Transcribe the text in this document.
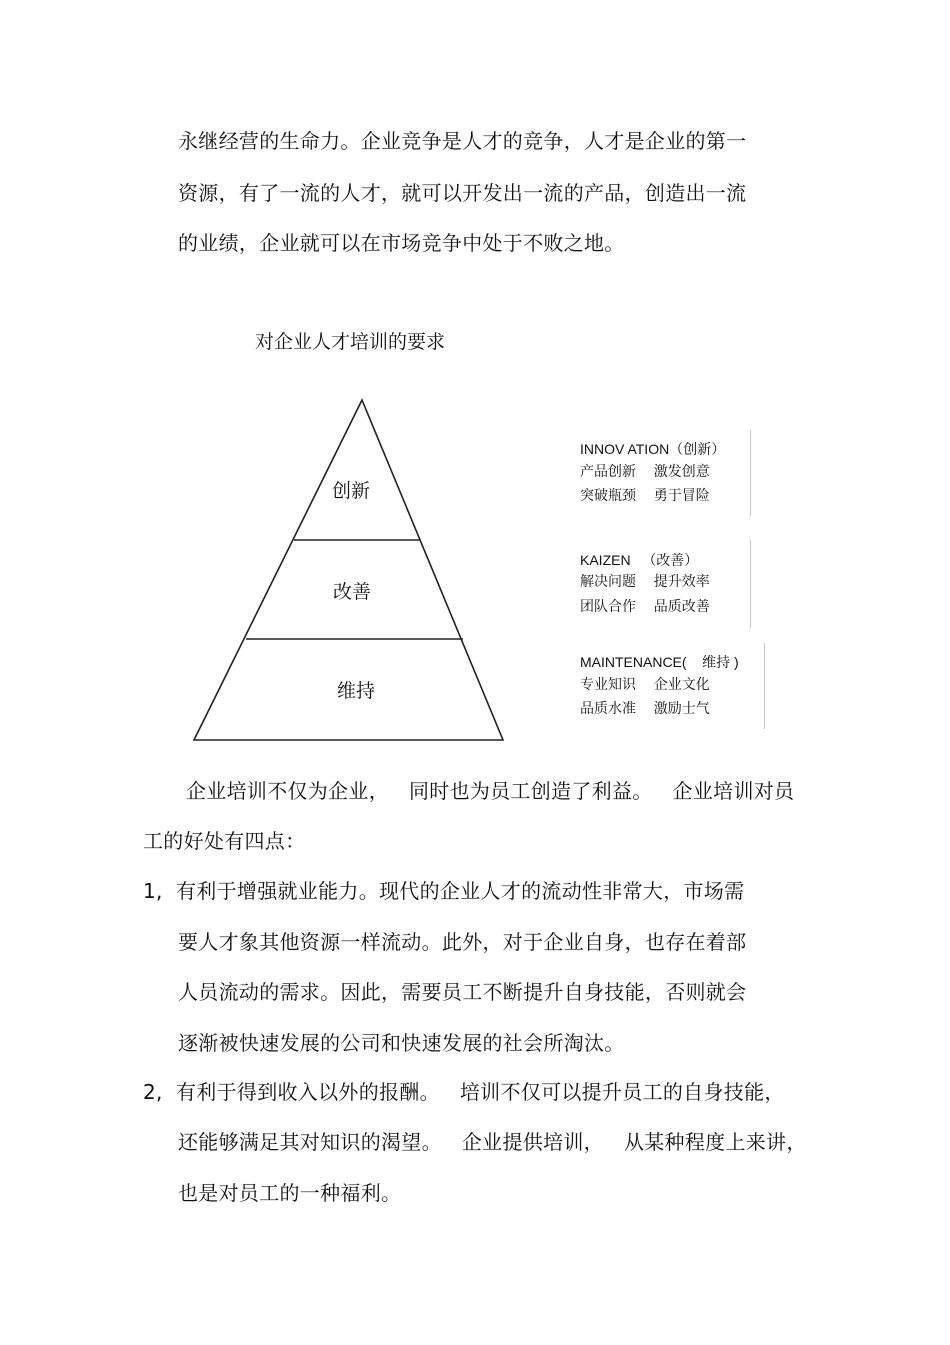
永继经营的生命力。企业竞争是人才的竞争，人才是企业的第一
资源，有了一流的人才，就可以开发出一流的产品，创造出一流
的业绩，企业就可以在市场竞争中处于不败之地。
对企业人才培训的要求
创新
改善
维持
INNOV ATION（创新）
产品创新    激发创意
突破瓶颈    勇于冒险
KAIZEN   （改善）
解决问题    提升效率
团队合作    品质改善
MAINTENANCE(    维持 )
专业知识    企业文化
品质水准    激励士气
企业培训不仅为企业，   同时也为员工创造了利益。   企业培训对员
工的好处有四点：
1,  有利于增强就业能力。现代的企业人才的流动性非常大，市场需
要人才象其他资源一样流动。此外，对于企业自身，也存在着部
人员流动的需求。因此，需要员工不断提升自身技能，否则就会
逐渐被快速发展的公司和快速发展的社会所淘汰。
2,  有利于得到收入以外的报酬。   培训不仅可以提升员工的自身技能，
还能够满足其对知识的渴望。   企业提供培训，   从某种程度上来讲，
也是对员工的一种福利。
